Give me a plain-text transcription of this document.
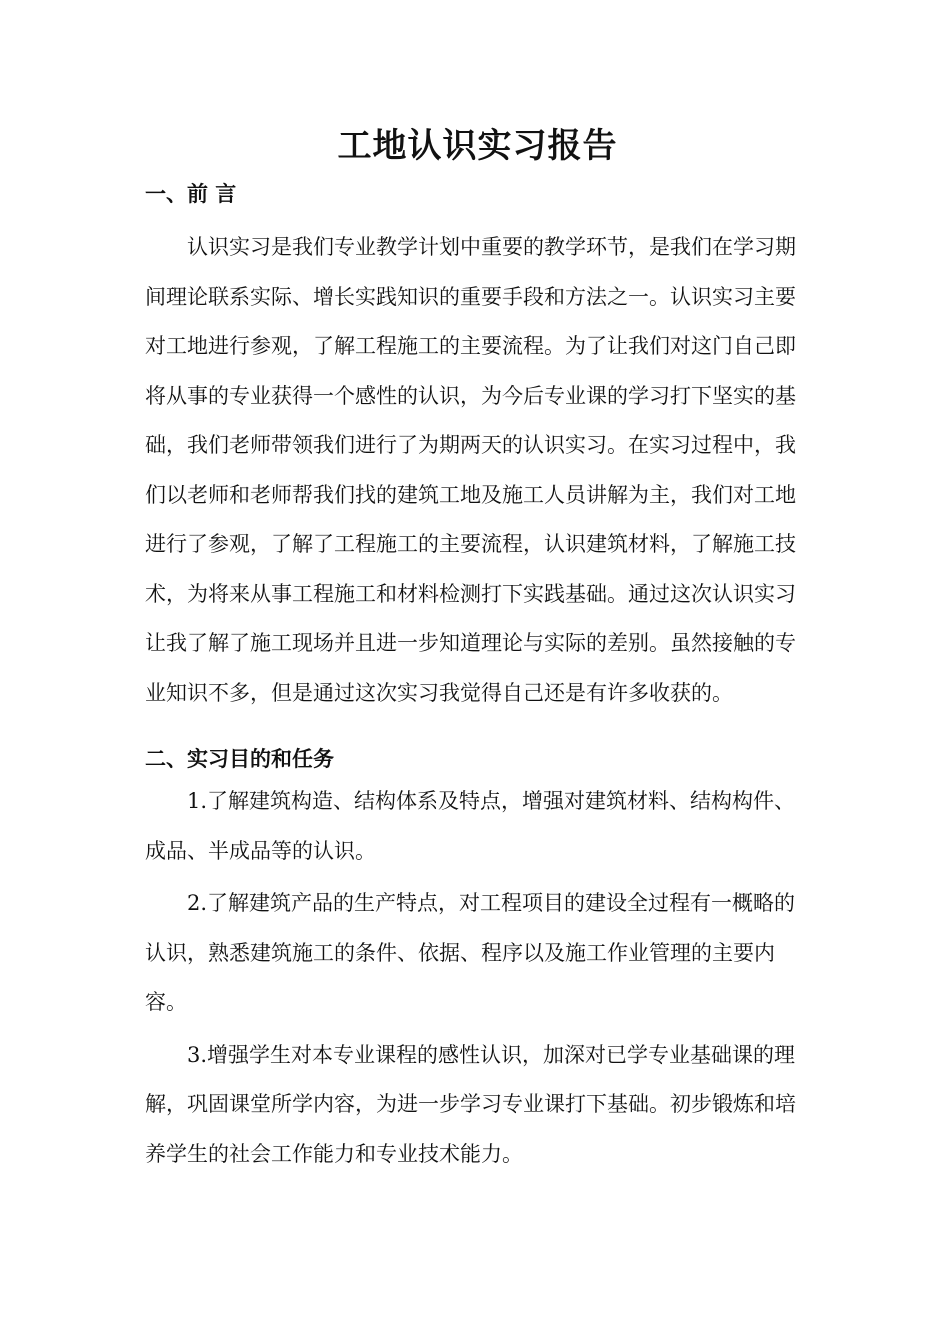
工地认识实习报告
一、前 言

认识实习是我们专业教学计划中重要的教学环节，是我们在学习期间理论联系实际、增长实践知识的重要手段和方法之一。认识实习主要对工地进行参观，了解工程施工的主要流程。为了让我们对这门自己即将从事的专业获得一个感性的认识，为今后专业课的学习打下坚实的基础，我们老师带领我们进行了为期两天的认识实习。在实习过程中，我们以老师和老师帮我们找的建筑工地及施工人员讲解为主，我们对工地进行了参观，了解了工程施工的主要流程，认识建筑材料，了解施工技术，为将来从事工程施工和材料检测打下实践基础。通过这次认识实习让我了解了施工现场并且进一步知道理论与实际的差别。虽然接触的专业知识不多，但是通过这次实习我觉得自己还是有许多收获的。

二、实习目的和任务

1.了解建筑构造、结构体系及特点，增强对建筑材料、结构构件、成品、半成品等的认识。

2.了解建筑产品的生产特点，对工程项目的建设全过程有一概略的认识，熟悉建筑施工的条件、依据、程序以及施工作业管理的主要内容。

3.增强学生对本专业课程的感性认识，加深对已学专业基础课的理解，巩固课堂所学内容，为进一步学习专业课打下基础。初步锻炼和培养学生的社会工作能力和专业技术能力。
